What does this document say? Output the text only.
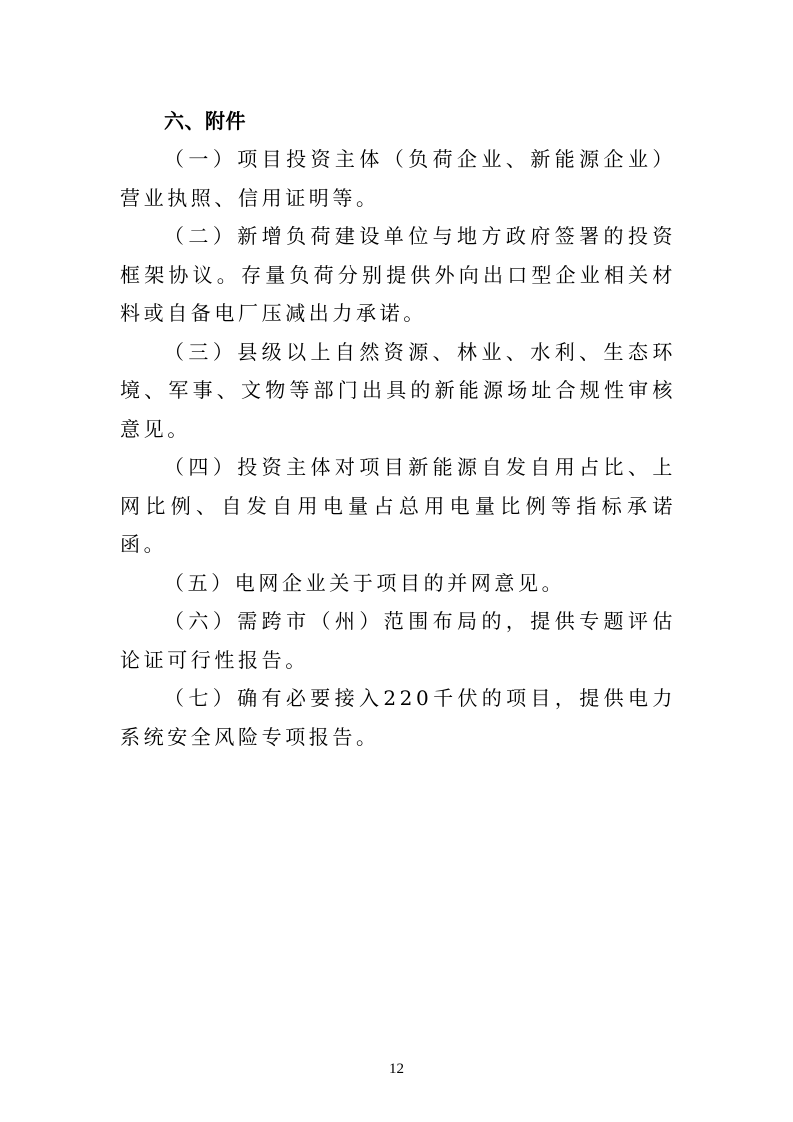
六、附件

（一）项目投资主体（负荷企业、新能源企业）营业执照、信用证明等。

（二）新增负荷建设单位与地方政府签署的投资框架协议。存量负荷分别提供外向出口型企业相关材料或自备电厂压减出力承诺。

（三）县级以上自然资源、林业、水利、生态环境、军事、文物等部门出具的新能源场址合规性审核意见。

（四）投资主体对项目新能源自发自用占比、上网比例、自发自用电量占总用电量比例等指标承诺函。

（五）电网企业关于项目的并网意见。

（六）需跨市（州）范围布局的，提供专题评估论证可行性报告。

（七）确有必要接入220千伏的项目，提供电力系统安全风险专项报告。

12
